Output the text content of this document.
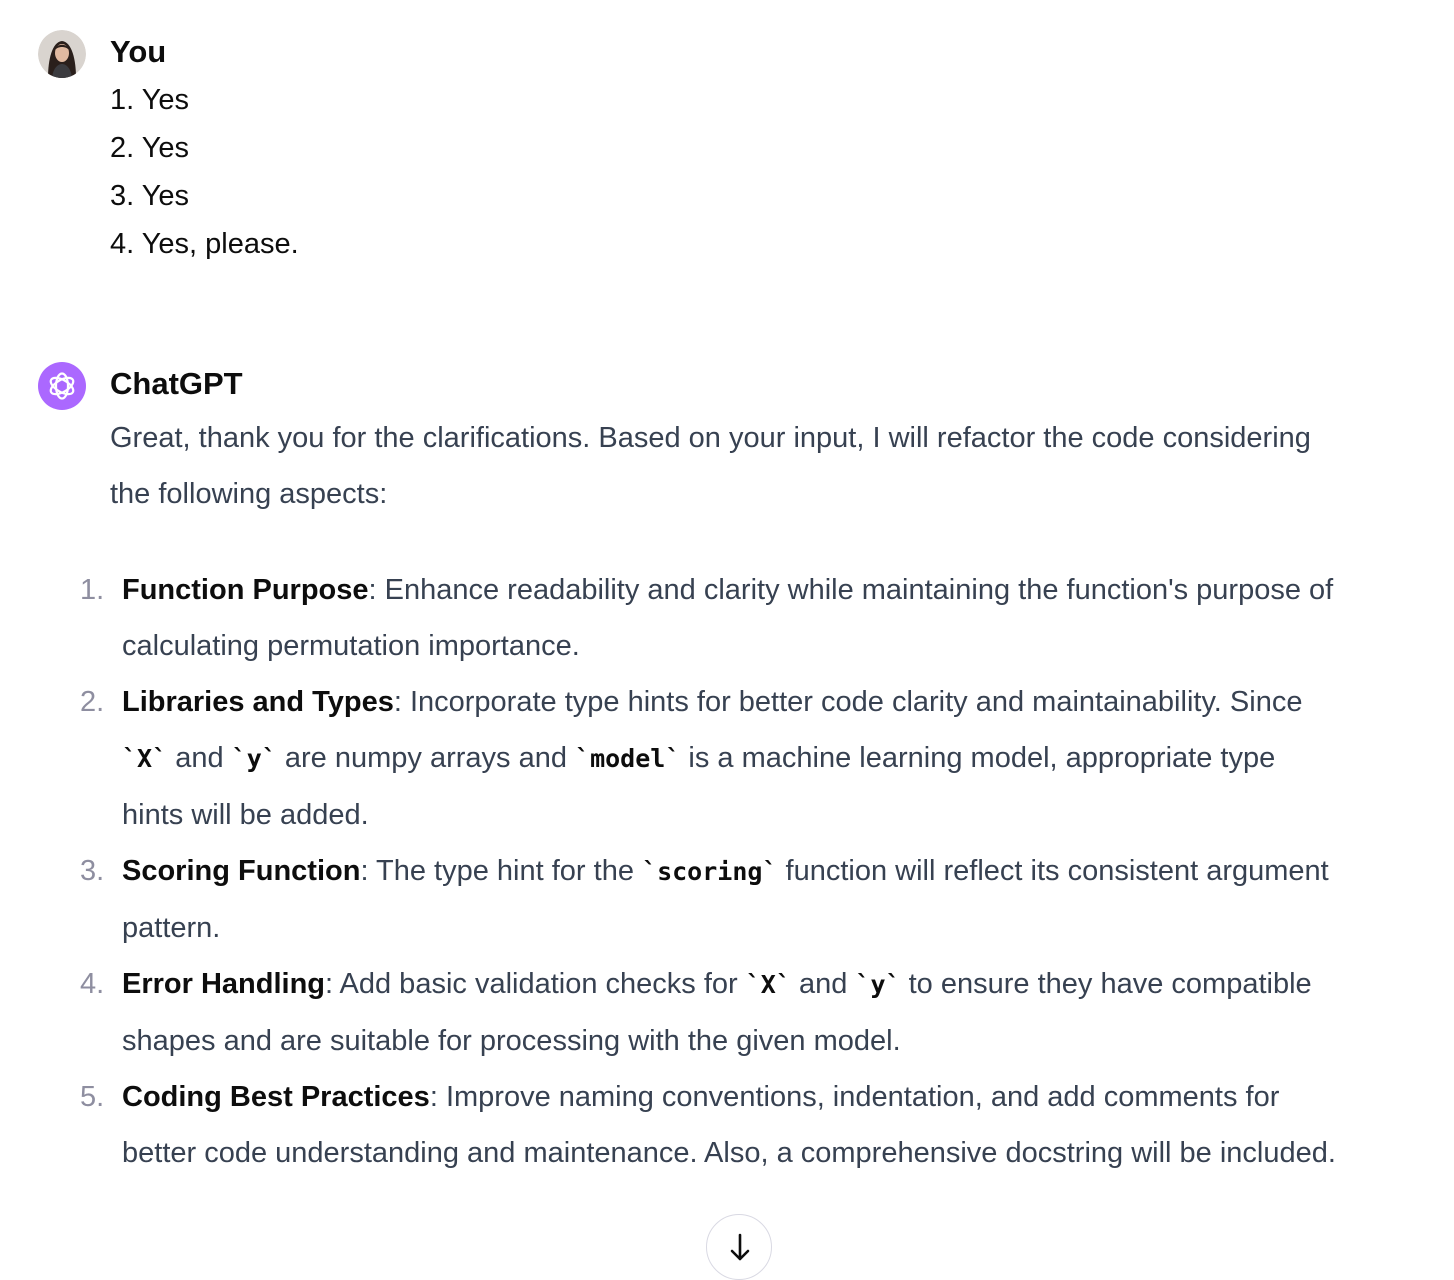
You
1. Yes
2. Yes
3. Yes
4. Yes, please.
ChatGPT

Great, thank you for the clarifications. Based on your input, I will refactor the code considering the following aspects:

1. Function Purpose: Enhance readability and clarity while maintaining the function's purpose of calculating permutation importance.
2. Libraries and Types: Incorporate type hints for better code clarity and maintainability. Since `X` and `y` are numpy arrays and `model` is a machine learning model, appropriate type hints will be added.
3. Scoring Function: The type hint for the `scoring` function will reflect its consistent argument pattern.
4. Error Handling: Add basic validation checks for `X` and `y` to ensure they have compatible shapes and are suitable for processing with the given model.
5. Coding Best Practices: Improve naming conventions, indentation, and add comments for better code understanding and maintenance. Also, a comprehensive docstring will be included.
